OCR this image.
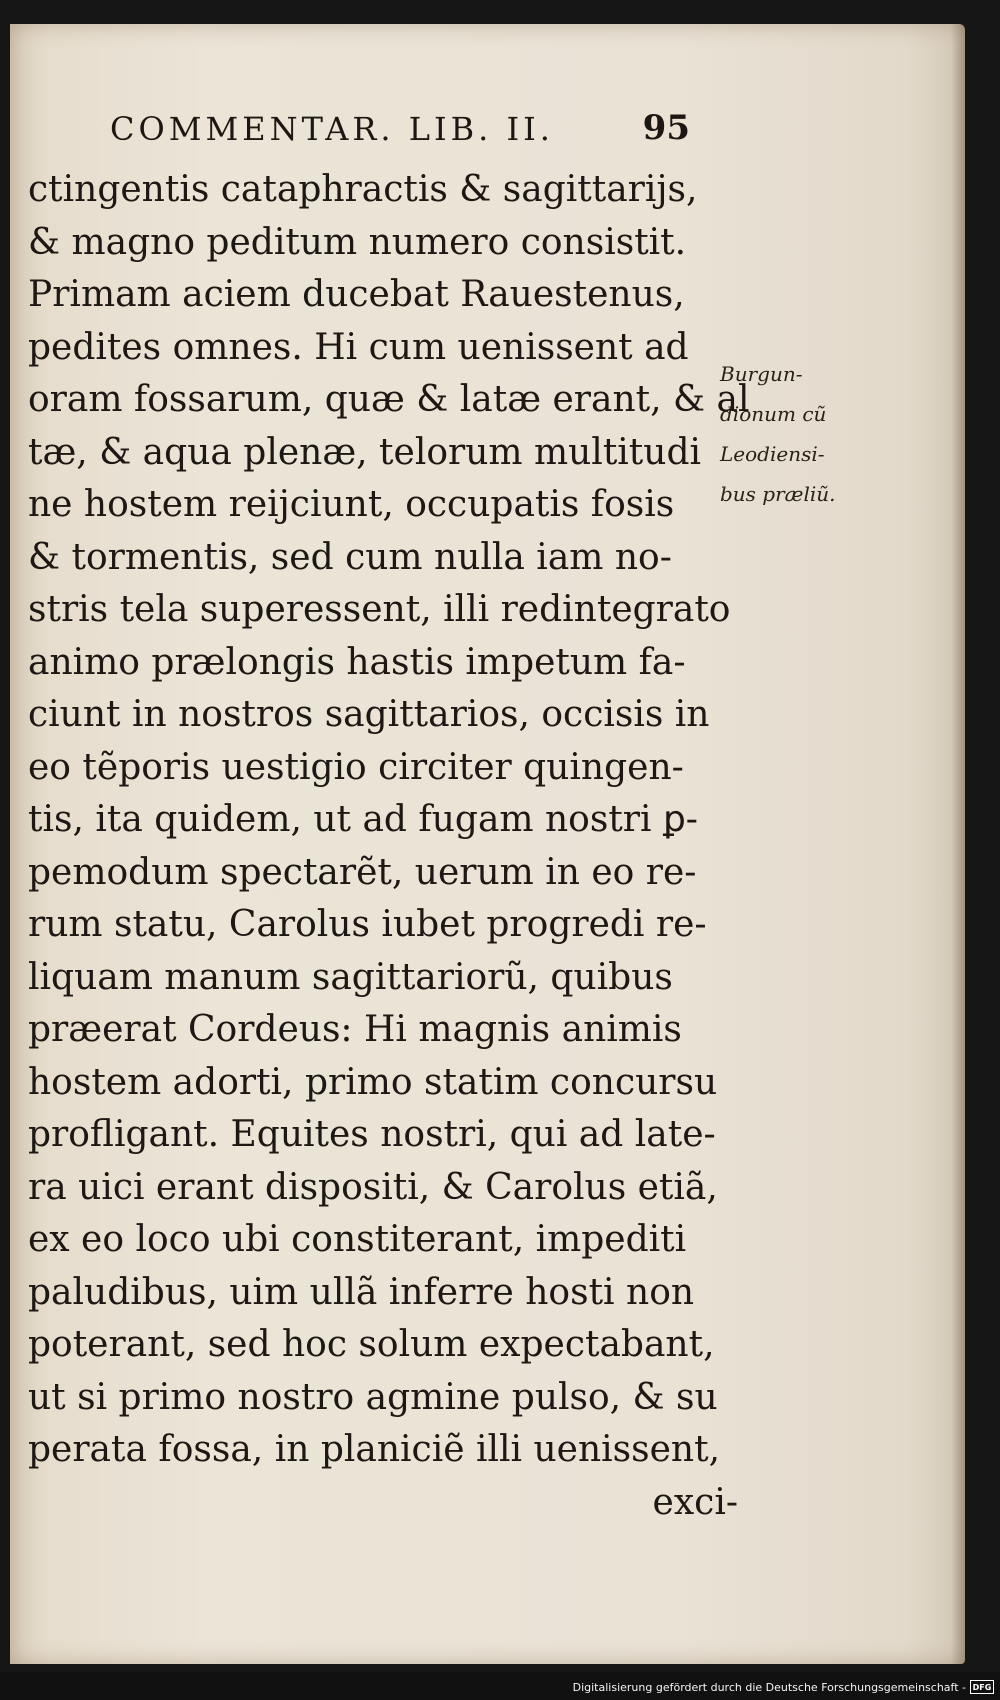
COMMENTAR. LIB. II.	95
ctingentis cataphractis & sagittarijs,
& magno peditum numero consistit.
Primam aciem ducebat Rauestenus,
pedites omnes. Hi cum uenissent ad
oram fossarum, quæ & latæ erant, & al
tæ, & aqua plenæ, telorum multitudi
ne hostem reijciunt, occupatis fosis
& tormentis, sed cum nulla iam no-
stris tela superessent, illi redintegrato
animo prælongis hastis impetum fa-
ciunt in nostros sagittarios, occisis in
eo tẽporis uestigio circiter quingen-
tis, ita quidem, ut ad fugam nostri ꝑ-
pemodum spectarẽt, uerum in eo re-
rum statu, Carolus iubet progredi re-
liquam manum sagittariorũ, quibus
præerat Cordeus: Hi magnis animis
hostem adorti, primo statim concursu
profligant. Equites nostri, qui ad late-
ra uici erant dispositi, & Carolus etiã,
ex eo loco ubi constiterant, impediti
paludibus, uim ullã inferre hosti non
poterant, sed hoc solum expectabant,
ut si primo nostro agmine pulso, & su
perata fossa, in planiciẽ illi uenissent,
exci-
Burgun-
dionum cũ
Leodiensi-
bus præliũ.
Digitalisierung gefördert durch die Deutsche Forschungsgemeinschaft - DFG
